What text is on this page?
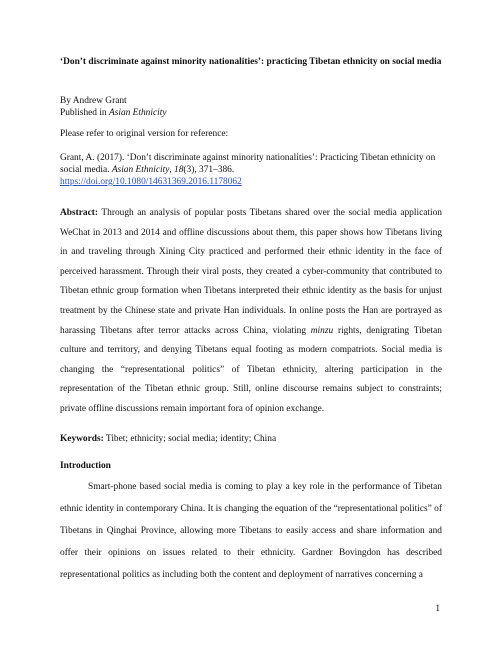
‘Don’t discriminate against minority nationalities’: practicing Tibetan ethnicity on social media
By Andrew Grant
Published in Asian Ethnicity
Please refer to original version for reference:
Grant, A. (2017). ‘Don’t discriminate against minority nationalities’: Practicing Tibetan ethnicity on social media. Asian Ethnicity, 18(3), 371–386.
https://doi.org/10.1080/14631369.2016.1178062
Abstract: Through an analysis of popular posts Tibetans shared over the social media application WeChat in 2013 and 2014 and offline discussions about them, this paper shows how Tibetans living in and traveling through Xining City practiced and performed their ethnic identity in the face of perceived harassment. Through their viral posts, they created a cyber-community that contributed to Tibetan ethnic group formation when Tibetans interpreted their ethnic identity as the basis for unjust treatment by the Chinese state and private Han individuals. In online posts the Han are portrayed as harassing Tibetans after terror attacks across China, violating minzu rights, denigrating Tibetan culture and territory, and denying Tibetans equal footing as modern compatriots. Social media is changing the “representational politics” of Tibetan ethnicity, altering participation in the representation of the Tibetan ethnic group. Still, online discourse remains subject to constraints; private offline discussions remain important fora of opinion exchange.
Keywords: Tibet; ethnicity; social media; identity; China
Introduction

Smart-phone based social media is coming to play a key role in the performance of Tibetan ethnic identity in contemporary China. It is changing the equation of the “representational politics” of Tibetans in Qinghai Province, allowing more Tibetans to easily access and share information and offer their opinions on issues related to their ethnicity. Gardner Bovingdon has described representational politics as including both the content and deployment of narratives concerning a

1
